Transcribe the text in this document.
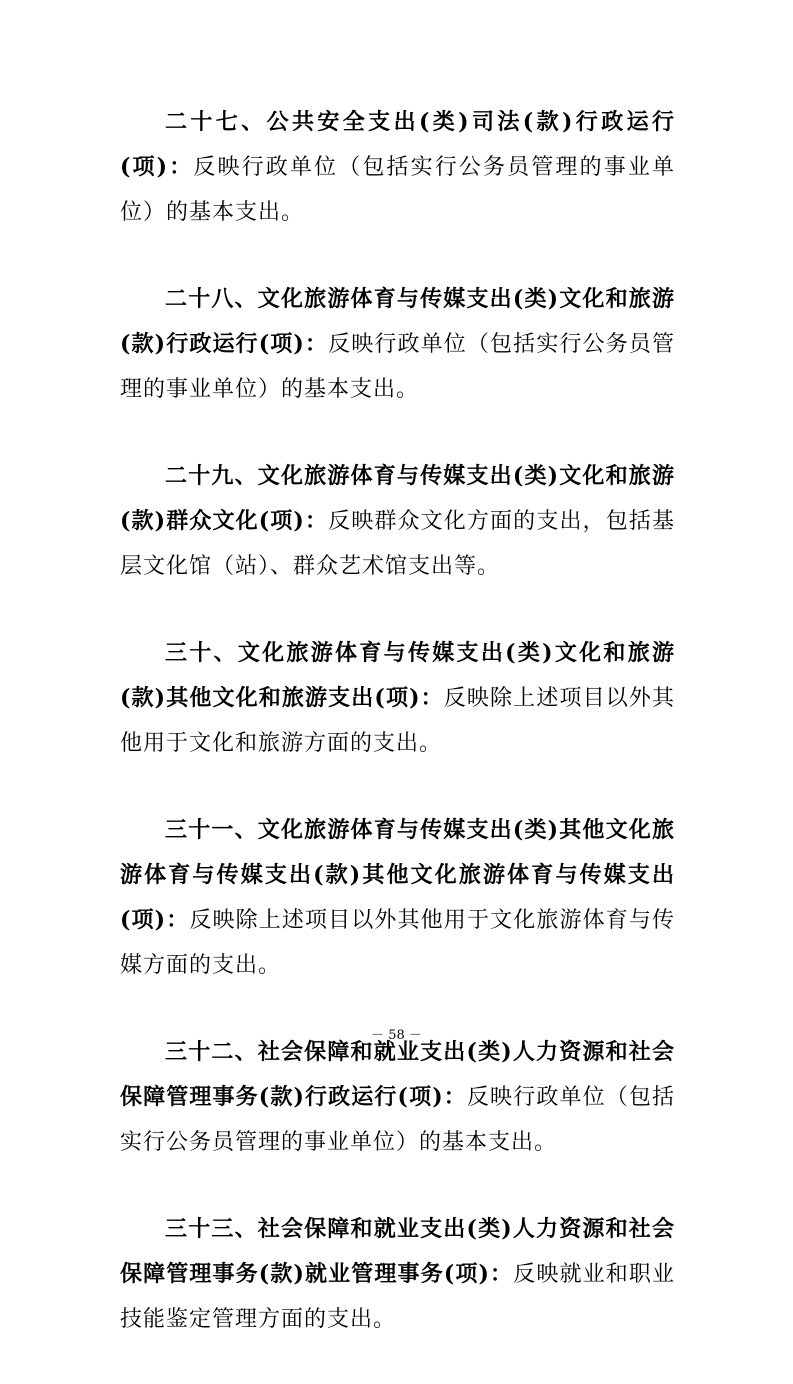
二十七、公共安全支出(类)司法(款)行政运行(项)：反映行政单位（包括实行公务员管理的事业单位）的基本支出。

二十八、文化旅游体育与传媒支出(类)文化和旅游(款)行政运行(项)：反映行政单位（包括实行公务员管理的事业单位）的基本支出。

二十九、文化旅游体育与传媒支出(类)文化和旅游(款)群众文化(项)：反映群众文化方面的支出，包括基层文化馆（站）、群众艺术馆支出等。

三十、文化旅游体育与传媒支出(类)文化和旅游(款)其他文化和旅游支出(项)：反映除上述项目以外其他用于文化和旅游方面的支出。

三十一、文化旅游体育与传媒支出(类)其他文化旅游体育与传媒支出(款)其他文化旅游体育与传媒支出(项)：反映除上述项目以外其他用于文化旅游体育与传媒方面的支出。

三十二、社会保障和就业支出(类)人力资源和社会保障管理事务(款)行政运行(项)：反映行政单位（包括实行公务员管理的事业单位）的基本支出。

三十三、社会保障和就业支出(类)人力资源和社会保障管理事务(款)就业管理事务(项)：反映就业和职业技能鉴定管理方面的支出。

－ 58 －
